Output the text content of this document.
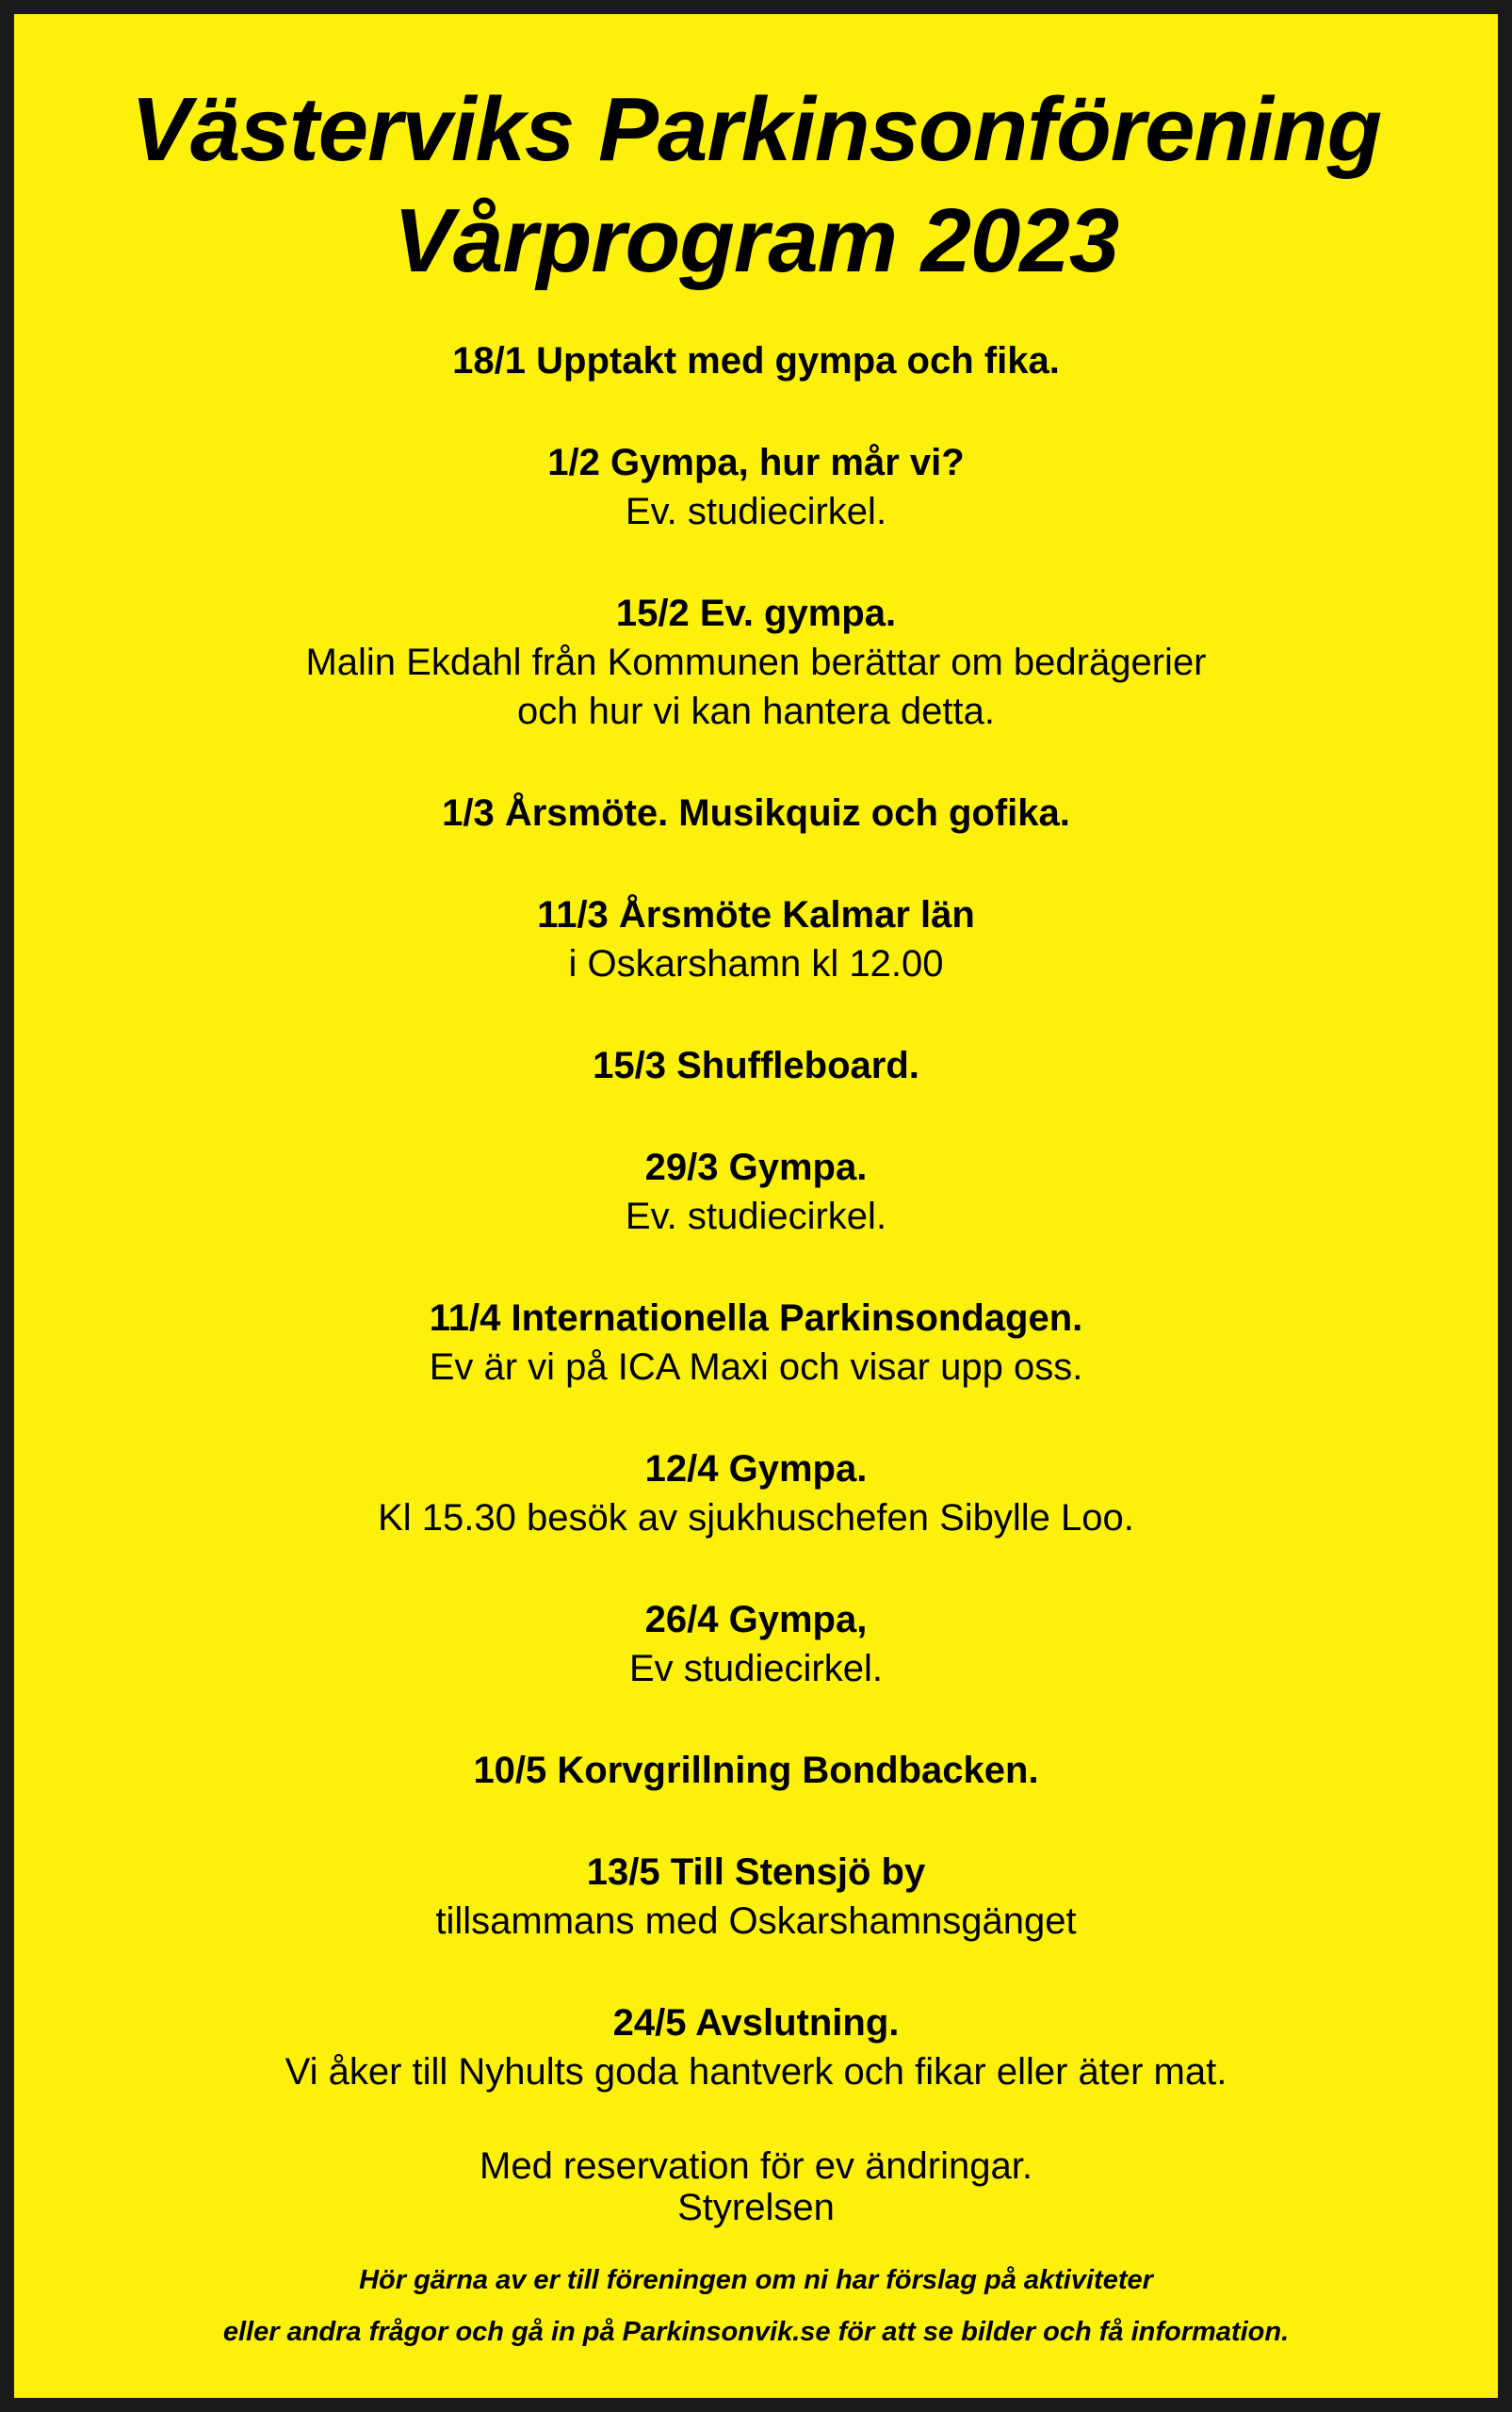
Västerviks Parkinsonförening
Vårprogram 2023
18/1 Upptakt med gympa och fika.
1/2 Gympa, hur mår vi?
Ev. studiecirkel.
15/2 Ev. gympa.
Malin Ekdahl från Kommunen berättar om bedrägerier
och hur vi kan hantera detta.
1/3 Årsmöte. Musikquiz och gofika.
11/3 Årsmöte Kalmar län
i Oskarshamn kl 12.00
15/3 Shuffleboard.
29/3 Gympa.
Ev. studiecirkel.
11/4 Internationella Parkinsondagen.
Ev är vi på ICA Maxi och visar upp oss.
12/4 Gympa.
Kl 15.30 besök av sjukhuschefen Sibylle Loo.
26/4 Gympa,
Ev studiecirkel.
10/5 Korvgrillning Bondbacken.
13/5 Till Stensjö by
tillsammans med Oskarshamnsgänget
24/5 Avslutning.
Vi åker till Nyhults goda hantverk och fikar eller äter mat.
Med reservation för ev ändringar.
Styrelsen
Hör gärna av er till föreningen om ni har förslag på aktiviteter
eller andra frågor och gå in på Parkinsonvik.se för att se bilder och få information.
